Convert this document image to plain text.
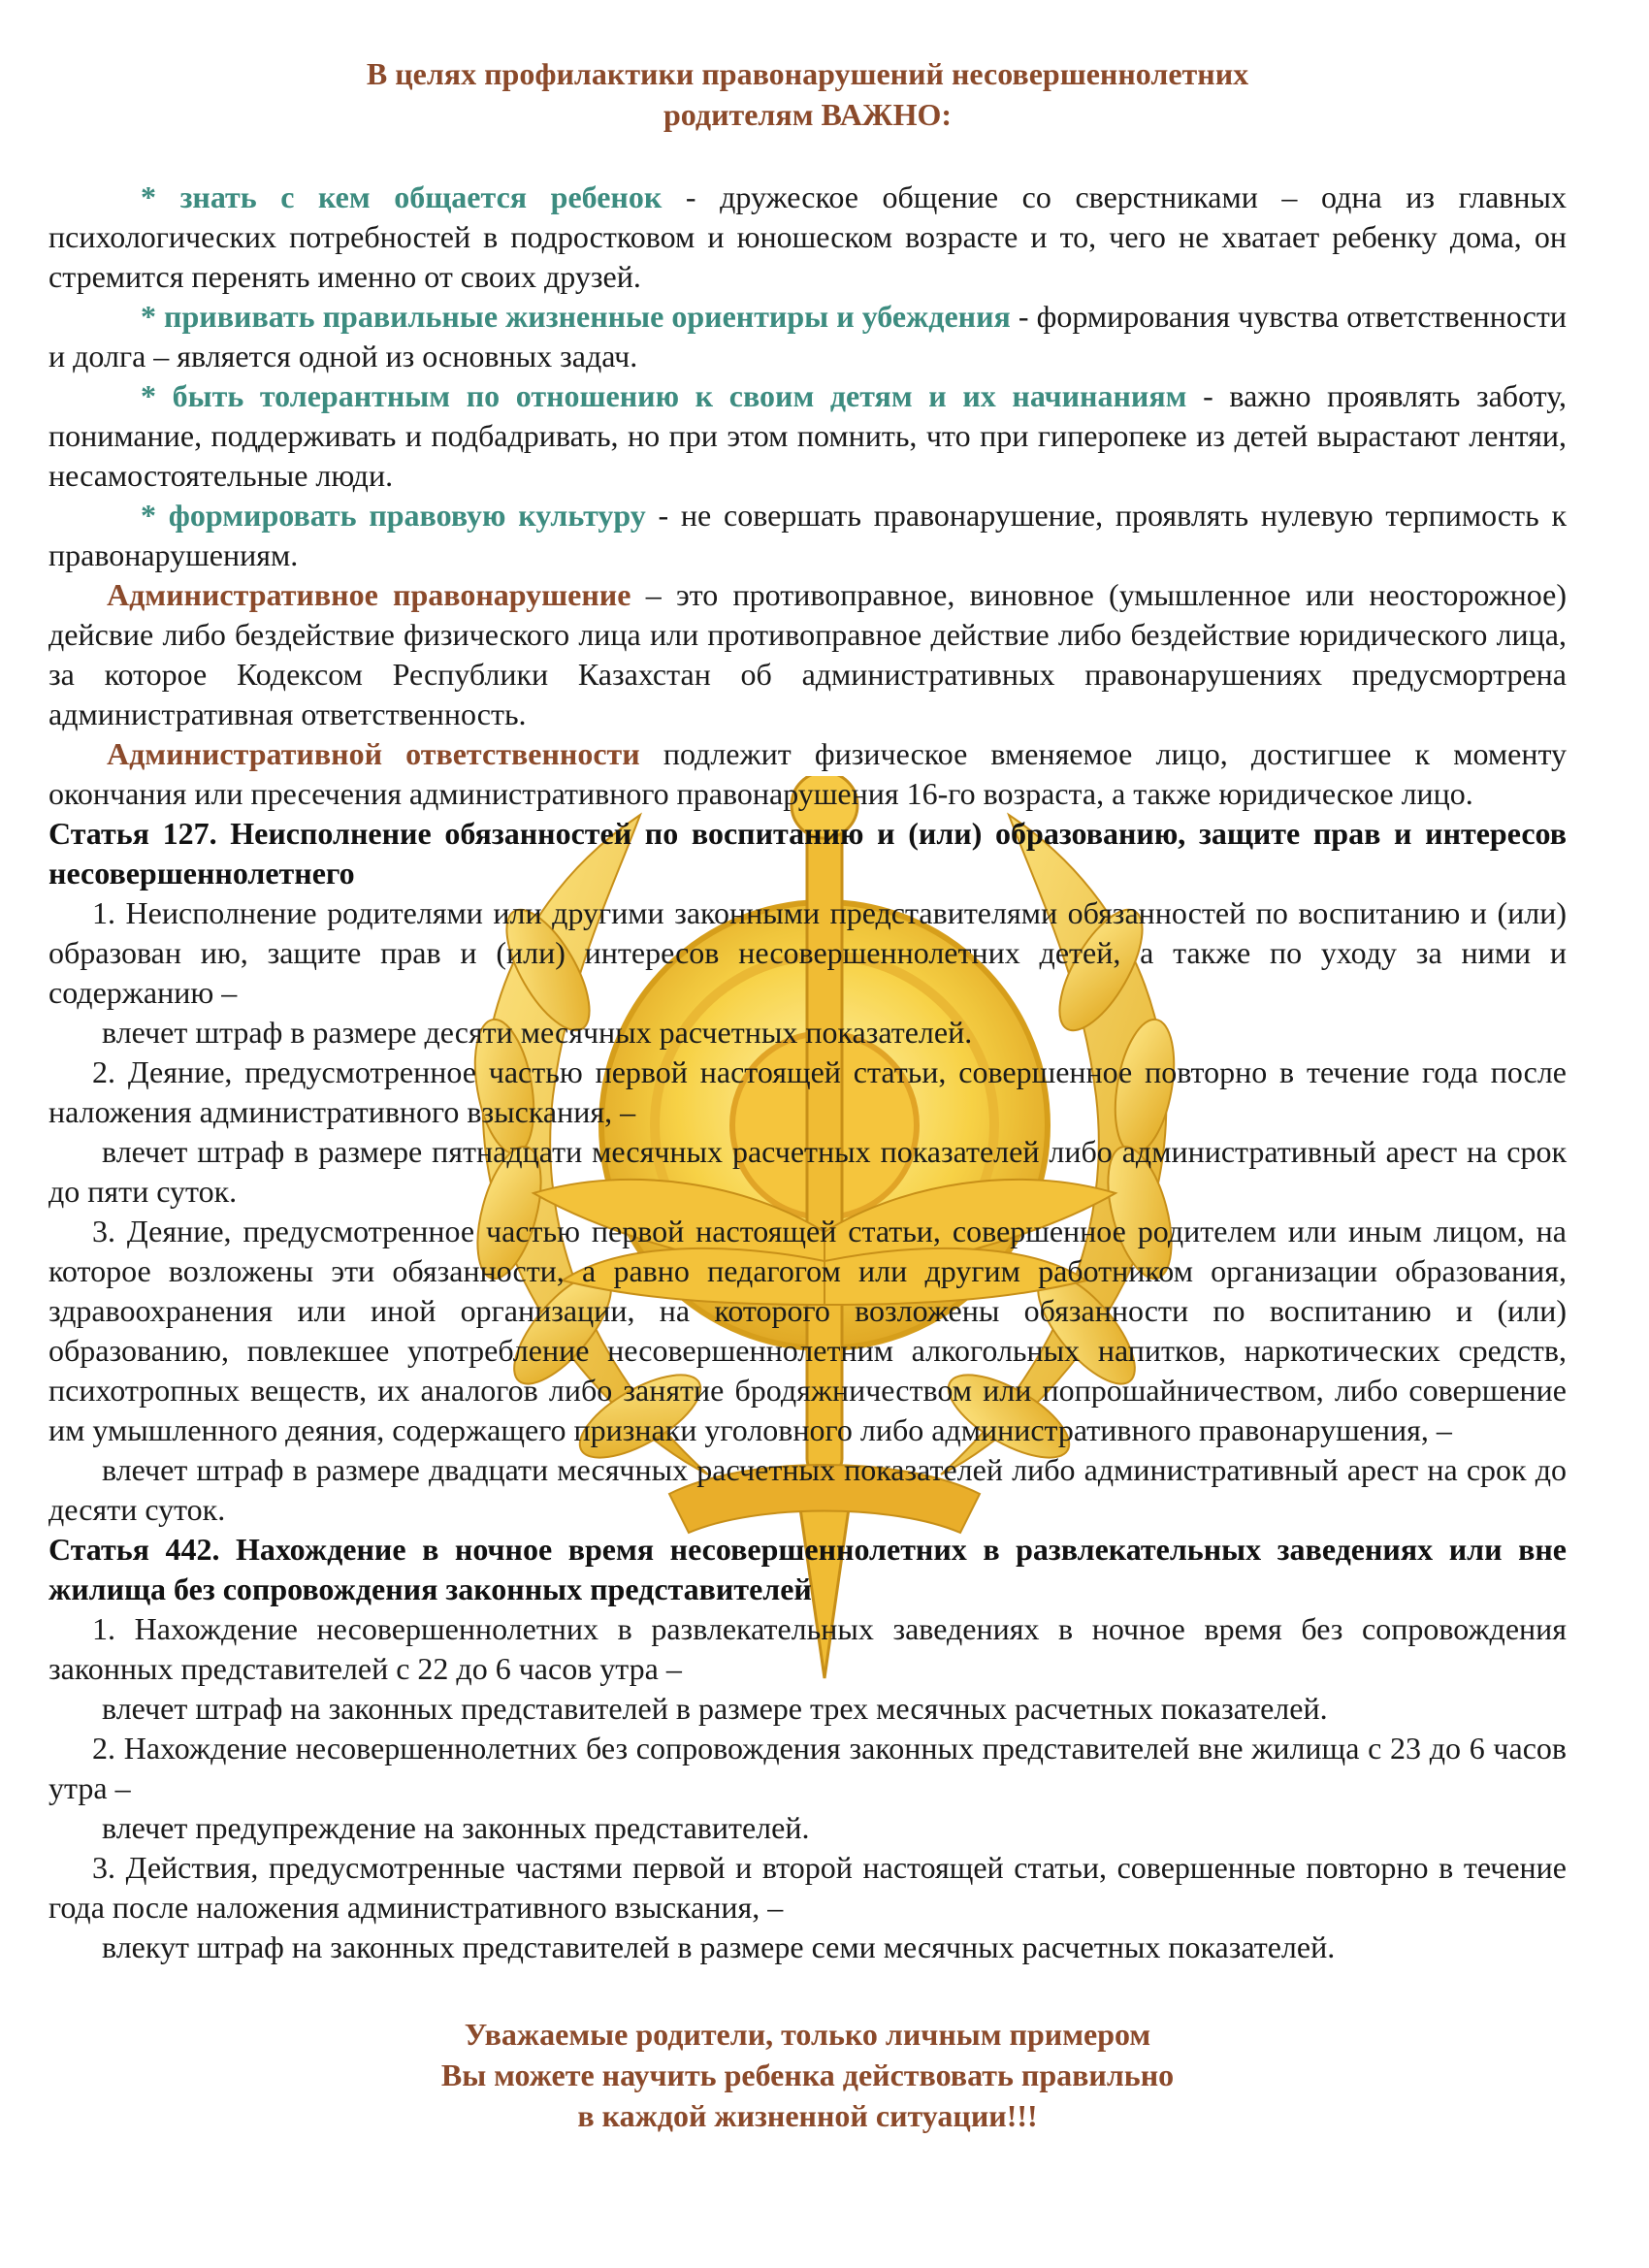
В целях профилактики правонарушений несовершеннолетних

родителям ВАЖНО:

* знать с кем общается ребенок - дружеское общение со сверстниками – одна из главных психологических потребностей в подростковом и юношеском возрасте и то, чего не хватает ребенку дома, он стремится перенять именно от своих друзей.

* прививать правильные жизненные ориентиры и убеждения - формирования чувства ответственности и долга – является одной из основных задач.

* быть толерантным по отношению к своим детям и их начинаниям - важно проявлять заботу, понимание, поддерживать и подбадривать, но при этом помнить, что при гиперопеке из детей вырастают лентяи, несамостоятельные люди.

* формировать правовую культуру - не совершать правонарушение, проявлять нулевую терпимость к правонарушениям.

Административное правонарушение – это противоправное, виновное (умышленное или неосторожное) дейсвие либо бездействие физического лица или противоправное действие либо бездействие юридического лица, за которое Кодексом Республики Казахстан об административных правонарушениях предусмортрена административная ответственность.

Административной ответственности подлежит физическое вменяемое лицо, достигшее к моменту окончания или пресечения административного правонарушения 16-го возраста, а также юридическое лицо.

Статья 127. Неисполнение обязанностей по воспитанию и (или) образованию, защите прав и интересов несовершеннолетнего

1. Неисполнение родителями или другими законными представителями обязанностей по воспитанию и (или) образован ию, защите прав и (или) интересов несовершеннолетних детей, а также по уходу за ними и содержанию –

влечет штраф в размере десяти месячных расчетных показателей.

2. Деяние, предусмотренное частью первой настоящей статьи, совершенное повторно в течение года после наложения административного взыскания, –

влечет штраф в размере пятнадцати месячных расчетных показателей либо административный арест на срок до пяти суток.

3. Деяние, предусмотренное частью первой настоящей статьи, совершенное родителем или иным лицом, на которое возложены эти обязанности, а равно педагогом или другим работником организации образования, здравоохранения или иной организации, на которого возложены обязанности по воспитанию и (или) образованию, повлекшее употребление несовершеннолетним алкогольных напитков, наркотических средств, психотропных веществ, их аналогов либо занятие бродяжничеством или попрошайничеством, либо совершение им умышленного деяния, содержащего признаки уголовного либо административного правонарушения, –

влечет штраф в размере двадцати месячных расчетных показателей либо административный арест на срок до десяти суток.

Статья 442. Нахождение в ночное время несовершеннолетних в развлекательных заведениях или вне жилища без сопровождения законных представителей

1. Нахождение несовершеннолетних в развлекательных заведениях в ночное время без сопровождения законных представителей с 22 до 6 часов утра –

влечет штраф на законных представителей в размере трех месячных расчетных показателей.

2. Нахождение несовершеннолетних без сопровождения законных представителей вне жилища с 23 до 6 часов утра –

влечет предупреждение на законных представителей.

3. Действия, предусмотренные частями первой и второй настоящей статьи, совершенные повторно в течение года после наложения административного взыскания, –

влекут штраф на законных представителей в размере семи месячных расчетных показателей.

Уважаемые родители, только личным примером

Вы можете научить ребенка действовать правильно

в каждой жизненной ситуации!!!
